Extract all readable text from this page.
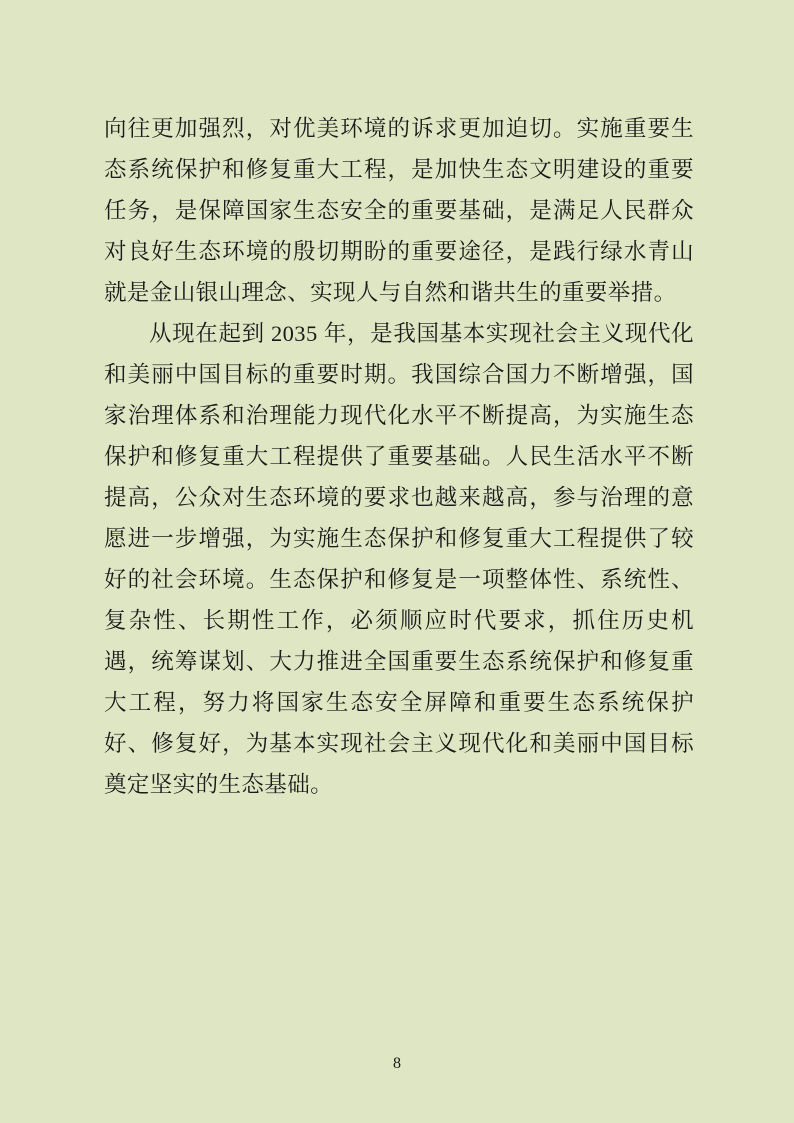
向往更加强烈，对优美环境的诉求更加迫切。实施重要生态系统保护和修复重大工程，是加快生态文明建设的重要任务，是保障国家生态安全的重要基础，是满足人民群众对良好生态环境的殷切期盼的重要途径，是践行绿水青山就是金山银山理念、实现人与自然和谐共生的重要举措。

从现在起到 2035 年，是我国基本实现社会主义现代化和美丽中国目标的重要时期。我国综合国力不断增强，国家治理体系和治理能力现代化水平不断提高，为实施生态保护和修复重大工程提供了重要基础。人民生活水平不断提高，公众对生态环境的要求也越来越高，参与治理的意愿进一步增强，为实施生态保护和修复重大工程提供了较好的社会环境。生态保护和修复是一项整体性、系统性、复杂性、长期性工作，必须顺应时代要求，抓住历史机遇，统筹谋划、大力推进全国重要生态系统保护和修复重大工程，努力将国家生态安全屏障和重要生态系统保护好、修复好，为基本实现社会主义现代化和美丽中国目标奠定坚实的生态基础。

8
